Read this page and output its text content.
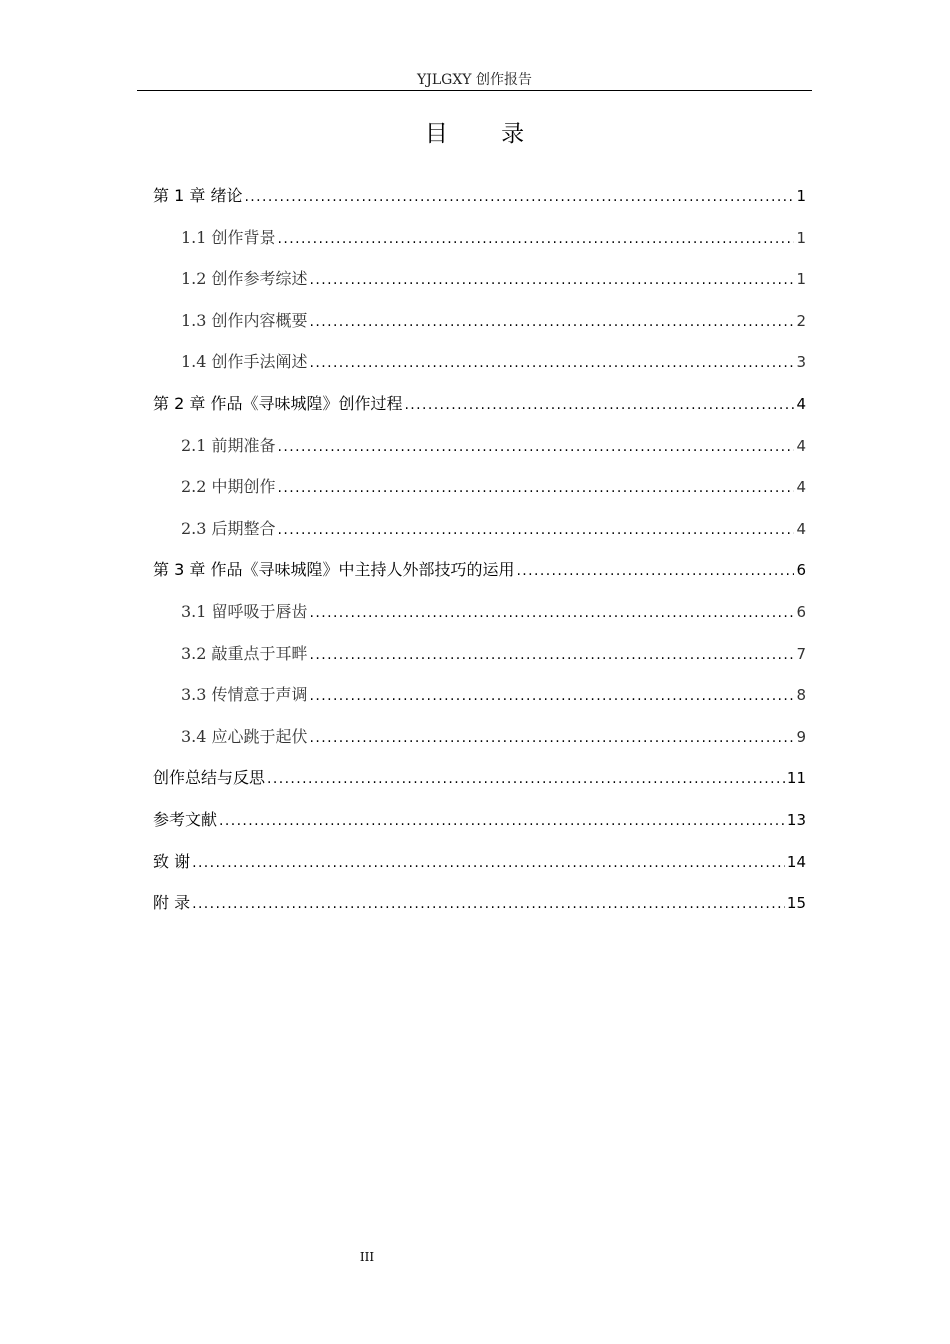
YJLGXY 创作报告
目 录
第 1 章 绪论 .....	1
1.1 创作背景 .....	1
1.2 创作参考综述 .....	1
1.3 创作内容概要 .....	2
1.4 创作手法阐述 .....	3
第 2 章 作品《寻味城隍》创作过程 .....	4
2.1 前期准备 .....	4
2.2 中期创作 .....	4
2.3 后期整合 .....	4
第 3 章 作品《寻味城隍》中主持人外部技巧的运用 .....	6
3.1 留呼吸于唇齿 .....	6
3.2 敲重点于耳畔 .....	7
3.3 传情意于声调 .....	8
3.4 应心跳于起伏 .....	9
创作总结与反思 .....	11
参考文献 .....	13
致 谢 .....	14
附 录 .....	15
III
